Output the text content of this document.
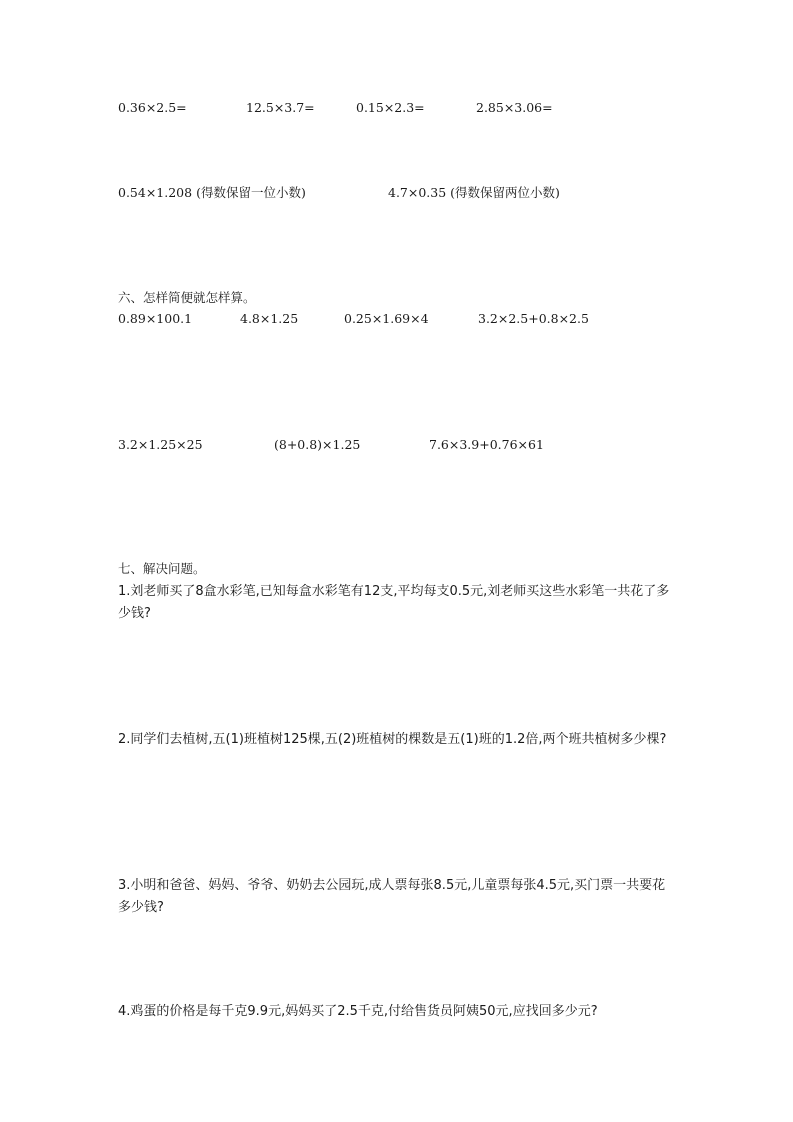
0.36×2.5=	12.5×3.7=	0.15×2.3=	2.85×3.06=
0.54×1.208 (得数保留一位小数)	4.7×0.35 (得数保留两位小数)
六、怎样简便就怎样算。
0.89×100.1	4.8×1.25	0.25×1.69×4	3.2×2.5+0.8×2.5
3.2×1.25×25	(8+0.8)×1.25	7.6×3.9+0.76×61
七、解决问题。
1.刘老师买了8盒水彩笔,已知每盒水彩笔有12支,平均每支0.5元,刘老师买这些水彩笔一共花了多少钱?
2.同学们去植树,五(1)班植树125棵,五(2)班植树的棵数是五(1)班的1.2倍,两个班共植树多少棵?
3.小明和爸爸、妈妈、爷爷、奶奶去公园玩,成人票每张8.5元,儿童票每张4.5元,买门票一共要花多少钱?
4.鸡蛋的价格是每千克9.9元,妈妈买了2.5千克,付给售货员阿姨50元,应找回多少元?
